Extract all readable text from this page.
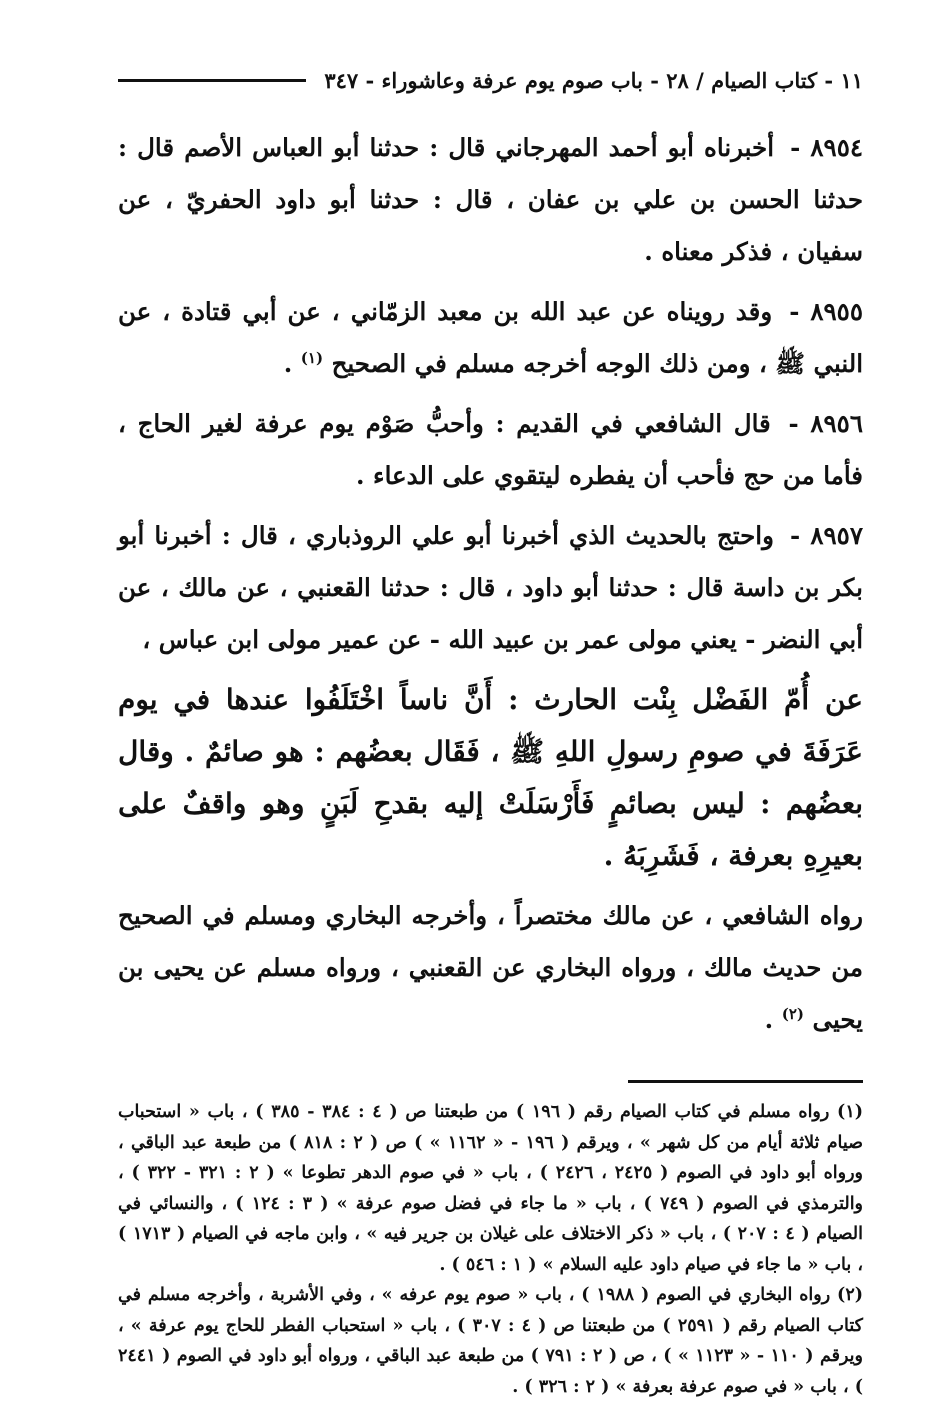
١١ - كتاب الصيام / ٢٨ - باب صوم يوم عرفة وعاشوراء - ٣٤٧

٨٩٥٤ - أخبرناه أبو أحمد المهرجاني قال : حدثنا أبو العباس الأصم قال : حدثنا الحسن بن علي بن عفان ، قال : حدثنا أبو داود الحفريّ ، عن سفيان ، فذكر معناه .

٨٩٥٥ - وقد رويناه عن عبد الله بن معبد الزمّاني ، عن أبي قتادة ، عن النبي ﷺ ، ومن ذلك الوجه أخرجه مسلم في الصحيح $^{(١)}$ .

٨٩٥٦ - قال الشافعي في القديم : وأحبُّ صَوْم يوم عرفة لغير الحاج ، فأما من حج فأحب أن يفطره ليتقوي على الدعاء .

٨٩٥٧ - واحتج بالحديث الذي أخبرنا أبو علي الروذباري ، قال : أخبرنا أبو بكر بن داسة قال : حدثنا أبو داود ، قال : حدثنا القعنبي ، عن مالك ، عن أبي النضر - يعني مولى عمر بن عبيد الله - عن عمير مولى ابن عباس ،

عن أُمّ الفَضْل بِنْت الحارث : أَنَّ ناساً اخْتَلَفُوا عندها في يوم عَرَفَةَ في صومِ رسولِ اللهِ ﷺ ، فَقَال بعضُهم : هو صائمٌ . وقال بعضُهم : ليس بصائمٍ فَأَرْسَلَتْ إليه بقدحِ لَبَنٍ وهو واقفٌ على بعيرِهِ بعرفة ، فَشَرِبَهُ .

رواه الشافعي ، عن مالك مختصراً ، وأخرجه البخاري ومسلم في الصحيح من حديث مالك ، ورواه البخاري عن القعنبي ، ورواه مسلم عن يحيى بن يحيى $^{(٢)}$ .

(١) رواه مسلم في كتاب الصيام رقم ( ١٩٦ ) من طبعتنا ص ( ٤ : ٣٨٤ - ٣٨٥ ) ، باب « استحباب صيام ثلاثة أيام من كل شهر » ، ويرقم ( ١٩٦ - « ١١٦٢ » ) ص ( ٢ : ٨١٨ ) من طبعة عبد الباقي ، ورواه أبو داود في الصوم ( ٢٤٢٥ ، ٢٤٢٦ ) ، باب « في صوم الدهر تطوعا » ( ٢ : ٣٢١ - ٣٢٢ ) ، والترمذي في الصوم ( ٧٤٩ ) ، باب « ما جاء في فضل صوم عرفة » ( ٣ : ١٢٤ ) ، والنسائي في الصيام ( ٤ : ٢٠٧ ) ، باب « ذكر الاختلاف على غيلان بن جرير فيه » ، وابن ماجه في الصيام ( ١٧١٣ ) ، باب « ما جاء في صيام داود عليه السلام » ( ١ : ٥٤٦ ) .

(٢) رواه البخاري في الصوم ( ١٩٨٨ ) ، باب « صوم يوم عرفه » ، وفي الأشربة ، وأخرجه مسلم في كتاب الصيام رقم ( ٢٥٩١ ) من طبعتنا ص ( ٤ : ٣٠٧ ) ، باب « استحباب الفطر للحاج يوم عرفة » ، ويرقم ( ١١٠ - « ١١٢٣ » ) ، ص ( ٢ : ٧٩١ ) من طبعة عبد الباقي ، ورواه أبو داود في الصوم ( ٢٤٤١ ) ، باب « في صوم عرفة بعرفة » ( ٢ : ٣٢٦ ) .
